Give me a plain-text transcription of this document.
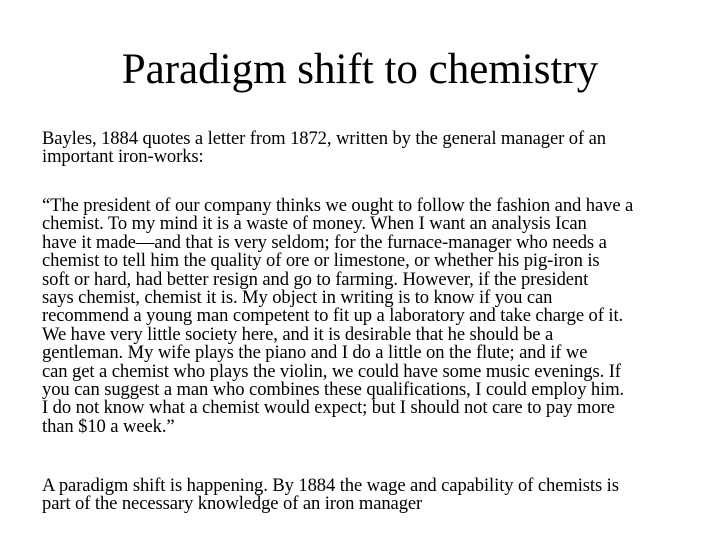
Paradigm shift to chemistry
Bayles, 1884 quotes a letter from 1872, written by the general manager of an
important iron-works:
“The president of our company thinks we ought to follow the fashion and have a
chemist. To my mind it is a waste of money. When I want an analysis Ican
have it made—and that is very seldom; for the furnace-manager who needs a
chemist to tell him the quality of ore or limestone, or whether his pig-iron is
soft or hard, had better resign and go to farming. However, if the president
says chemist, chemist it is. My object in writing is to know if you can
recommend a young man competent to fit up a laboratory and take charge of it.
We have very little society here, and it is desirable that he should be a
gentleman. My wife plays the piano and I do a little on the flute; and if we
can get a chemist who plays the violin, we could have some music evenings. If
you can suggest a man who combines these qualifications, I could employ him.
I do not know what a chemist would expect; but I should not care to pay more
than $10 a week.”
A paradigm shift is happening. By 1884 the wage and capability of chemists is
part of the necessary knowledge of an iron manager
